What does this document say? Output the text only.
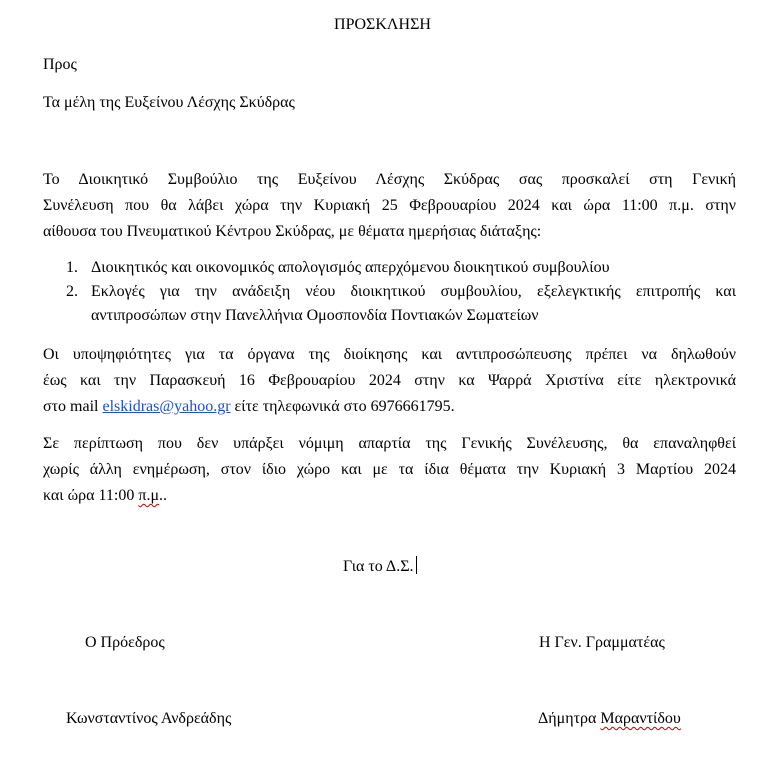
ΠΡΟΣΚΛΗΣΗ
Προς
Τα μέλη της Ευξείνου Λέσχης Σκύδρας
Το Διοικητικό Συμβούλιο της Ευξείνου Λέσχης Σκύδρας σας προσκαλεί στη Γενική
Συνέλευση που θα λάβει χώρα την Κυριακή 25 Φεβρουαρίου 2024 και ώρα 11:00 π.μ. στην
αίθουσα του Πνευματικού Κέντρου Σκύδρας, με θέματα ημερήσιας διάταξης:
1. Διοικητικός και οικονομικός απολογισμός απερχόμενου διοικητικού συμβουλίου
2. Εκλογές για την ανάδειξη νέου διοικητικού συμβουλίου, εξελεγκτικής επιτροπής και
αντιπροσώπων στην Πανελλήνια Ομοσπονδία Ποντιακών Σωματείων
Οι υποψηφιότητες για τα όργανα της διοίκησης και αντιπροσώπευσης πρέπει να δηλωθούν
έως και την Παρασκευή 16 Φεβρουαρίου 2024 στην κα Ψαρρά Χριστίνα είτε ηλεκτρονικά
στο mail elskidras@yahoo.gr είτε τηλεφωνικά στο 6976661795.
Σε περίπτωση που δεν υπάρξει νόμιμη απαρτία της Γενικής Συνέλευσης, θα επαναληφθεί
χωρίς άλλη ενημέρωση, στον ίδιο χώρο και με τα ίδια θέματα την Κυριακή 3 Μαρτίου 2024
και ώρα 11:00 π.μ..
Για το Δ.Σ.
Ο Πρόεδρος	Η Γεν. Γραμματέας
Κωνσταντίνος Ανδρεάδης	Δήμητρα Μαραντίδου
